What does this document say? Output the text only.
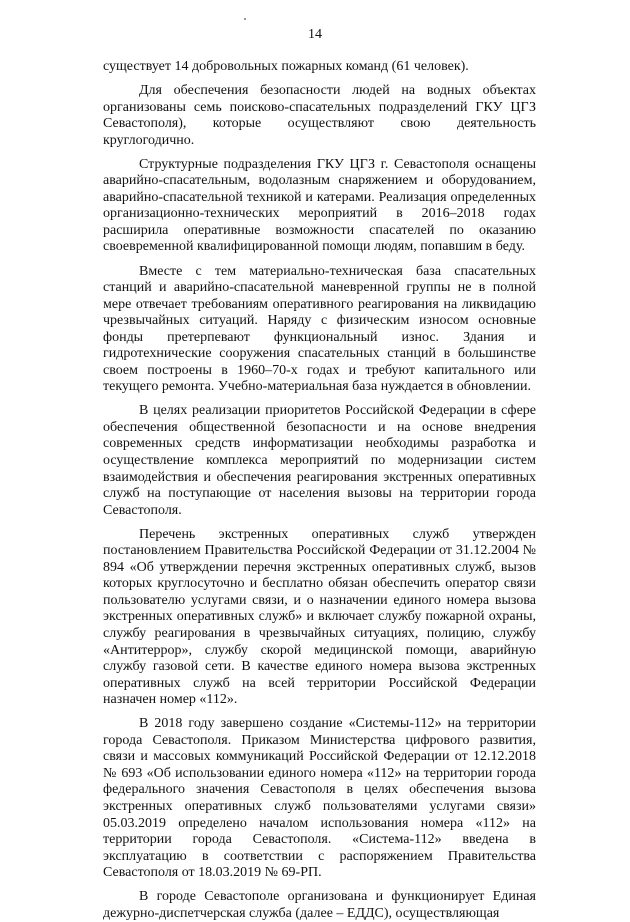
14

существует 14 добровольных пожарных команд (61 человек).

Для обеспечения безопасности людей на водных объектах организованы семь поисково-спасательных подразделений ГКУ ЦГЗ Севастополя), которые осуществляют свою деятельность круглогодично.

Структурные подразделения ГКУ ЦГЗ г. Севастополя оснащены аварийно-спасательным, водолазным снаряжением и оборудованием, аварийно-спасательной техникой и катерами. Реализация определенных организационно-технических мероприятий в 2016–2018 годах расширила оперативные возможности спасателей по оказанию своевременной квалифицированной помощи людям, попавшим в беду.

Вместе с тем материально-техническая база спасательных станций и аварийно-спасательной маневренной группы не в полной мере отвечает требованиям оперативного реагирования на ликвидацию чрезвычайных ситуаций. Наряду с физическим износом основные фонды претерпевают функциональный износ. Здания и гидротехнические сооружения спасательных станций в большинстве своем построены в 1960–70-х годах и требуют капитального или текущего ремонта. Учебно-материальная база нуждается в обновлении.

В целях реализации приоритетов Российской Федерации в сфере обеспечения общественной безопасности и на основе внедрения современных средств информатизации необходимы разработка и осуществление комплекса мероприятий по модернизации систем взаимодействия и обеспечения реагирования экстренных оперативных служб на поступающие от населения вызовы на территории города Севастополя.

Перечень экстренных оперативных служб утвержден постановлением Правительства Российской Федерации от 31.12.2004 № 894 «Об утверждении перечня экстренных оперативных служб, вызов которых круглосуточно и бесплатно обязан обеспечить оператор связи пользователю услугами связи, и о назначении единого номера вызова экстренных оперативных служб» и включает службу пожарной охраны, службу реагирования в чрезвычайных ситуациях, полицию, службу «Антитеррор», службу скорой медицинской помощи, аварийную службу газовой сети. В качестве единого номера вызова экстренных оперативных служб на всей территории Российской Федерации назначен номер «112».

В 2018 году завершено создание «Системы-112» на территории города Севастополя. Приказом Министерства цифрового развития, связи и массовых коммуникаций Российской Федерации от 12.12.2018 № 693 «Об использовании единого номера «112» на территории города федерального значения Севастополя в целях обеспечения вызова экстренных оперативных служб пользователями услугами связи» 05.03.2019 определено началом использования номера «112» на территории города Севастополя. «Система-112» введена в эксплуатацию в соответствии с распоряжением Правительства Севастополя от 18.03.2019 № 69-РП.

В городе Севастополе организована и функционирует Единая дежурно-диспетчерская служба (далее – ЕДДС), осуществляющая
